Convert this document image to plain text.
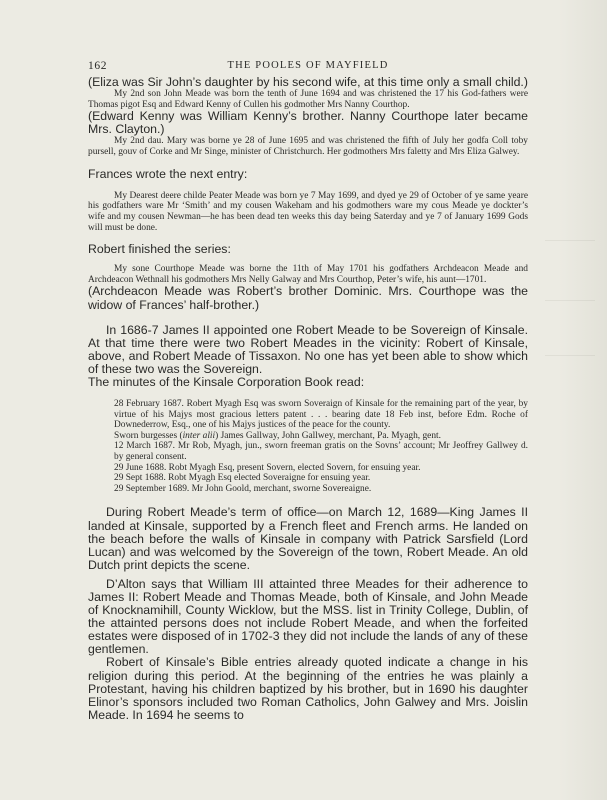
162	THE POOLES OF MAYFIELD

(Eliza was Sir John’s daughter by his second wife, at this time only a small child.)

My 2nd son John Meade was born the tenth of June 1694 and was christened the 17 his God-fathers were Thomas pigot Esq and Edward Kenny of Cullen his godmother Mrs Nanny Courthop.

(Edward Kenny was William Kenny’s brother. Nanny Courthope later became Mrs. Clayton.)

My 2nd dau. Mary was borne ye 28 of June 1695 and was christened the fifth of July her godfa Coll toby pursell, gouv of Corke and Mr Singe, minister of Christchurch. Her godmothers Mrs faletty and Mrs Eliza Galwey.

Frances wrote the next entry:

My Dearest deere childe Peater Meade was born ye 7 May 1699, and dyed ye 29 of October of ye same yeare his godfathers ware Mr ‘Smith’ and my cousen Wakeham and his godmothers ware my cous Meade ye dockter’s wife and my cousen Newman—he has been dead ten weeks this day being Saterday and ye 7 of January 1699 Gods will must be done.

Robert finished the series:

My sone Courthope Meade was borne the 11th of May 1701 his godfathers Archdeacon Meade and Archdeacon Wethnall his godmothers Mrs Nelly Galway and Mrs Courthop, Peter’s wife, his aunt—1701.

(Archdeacon Meade was Robert’s brother Dominic. Mrs. Courthope was the widow of Frances’ half-brother.)

In 1686-7 James II appointed one Robert Meade to be Sovereign of Kinsale. At that time there were two Robert Meades in the vicinity: Robert of Kinsale, above, and Robert Meade of Tissaxon. No one has yet been able to show which of these two was the Sovereign.

The minutes of the Kinsale Corporation Book read:

28 February 1687. Robert Myagh Esq was sworn Soveraign of Kinsale for the remaining part of the year, by virtue of his Majys most gracious letters patent . . . bearing date 18 Feb inst, before Edm. Roche of Downederrow, Esq., one of his Majys justices of the peace for the county.

Sworn burgesses (inter alii) James Gallway, John Gallwey, merchant, Pa. Myagh, gent.

12 March 1687. Mr Rob, Myagh, jun., sworn freeman gratis on the Sovns’ account; Mr Jeoffrey Gallwey d. by general consent.

29 June 1688. Robt Myagh Esq, present Sovern, elected Sovern, for ensuing year.

29 Sept 1688. Robt Myagh Esq elected Soveraigne for ensuing year.

29 September 1689. Mr John Goold, merchant, sworne Sovereaigne.

During Robert Meade’s term of office—on March 12, 1689—King James II landed at Kinsale, supported by a French fleet and French arms. He landed on the beach before the walls of Kinsale in company with Patrick Sarsfield (Lord Lucan) and was welcomed by the Sovereign of the town, Robert Meade. An old Dutch print depicts the scene.

D’Alton says that William III attainted three Meades for their adherence to James II: Robert Meade and Thomas Meade, both of Kinsale, and John Meade of Knocknamihill, County Wicklow, but the MSS. list in Trinity College, Dublin, of the attainted persons does not include Robert Meade, and when the forfeited estates were disposed of in 1702-3 they did not include the lands of any of these gentlemen.

Robert of Kinsale’s Bible entries already quoted indicate a change in his religion during this period. At the beginning of the entries he was plainly a Protestant, having his children baptized by his brother, but in 1690 his daughter Elinor’s sponsors included two Roman Catholics, John Galwey and Mrs. Joislin Meade. In 1694 he seems to
